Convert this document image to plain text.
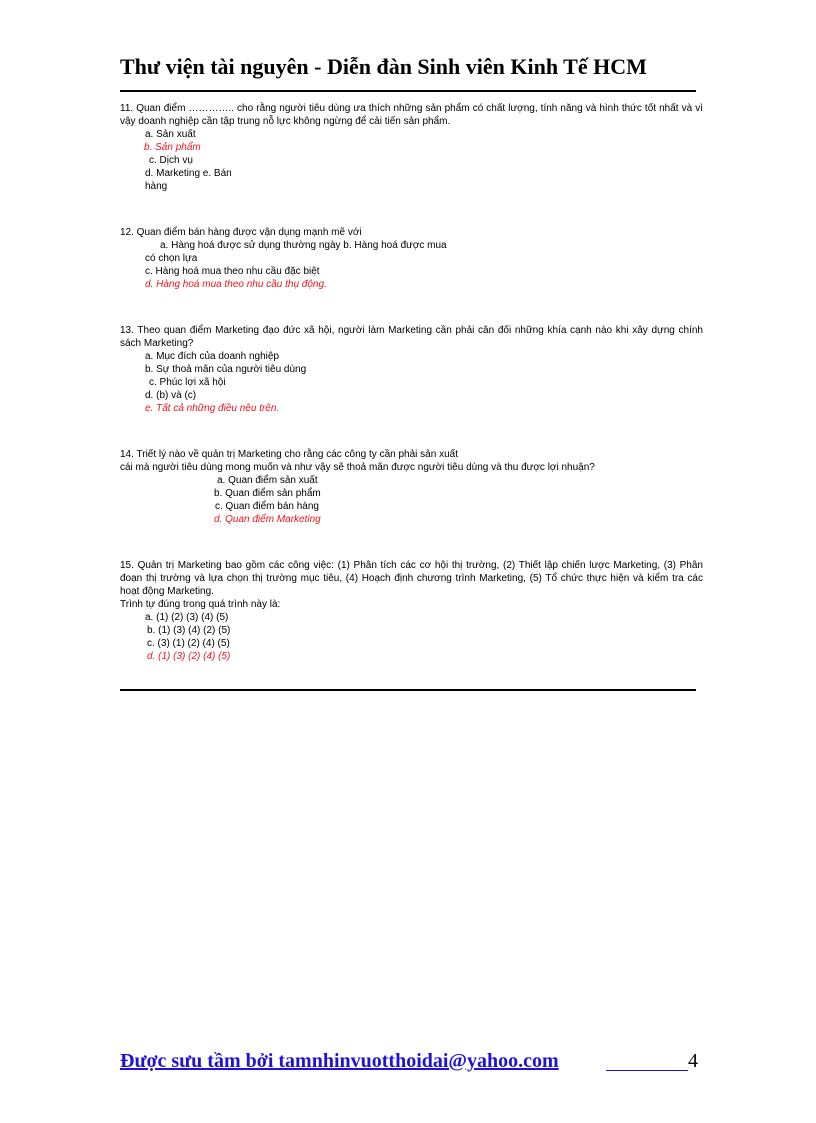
Thư viện tài nguyên - Diễn đàn Sinh viên Kinh Tế HCM
11. Quan điểm ………….. cho rằng người tiêu dùng ưa thích những sản phẩm có chất lượng, tính năng và hình thức tốt nhất và vì vậy doanh nghiệp cần tập trung nỗ lực không ngừng để cải tiến sản phẩm.
a. Sản xuất
b. Sản phẩm
c. Dịch vụ
d. Marketing e. Bán
hàng
12. Quan điểm bán hàng được vận dụng mạnh mẽ với
a. Hàng hoá được sử dụng thường ngày b. Hàng hoá được mua
có chọn lựa
c. Hàng hoá mua theo nhu cầu đặc biệt
d. Hàng hoá mua theo nhu cầu thụ động.
13. Theo quan điểm Marketing đạo đức xã hội, người làm Marketing cần phải cân đối những khía cạnh nào khi xây dựng chính sách Marketing?
a. Mục đích của doanh nghiệp
b. Sự thoả mãn của người tiêu dùng
c. Phúc lợi xã hội
d. (b) và (c)
e. Tất cả những điều nêu trên.
14. Triết lý nào về quản trị Marketing cho rằng các công ty cần phải sản xuất
cái mà người tiêu dùng mong muốn và như vậy sẽ thoả mãn được người tiêu dùng và thu được lợi nhuận?
a. Quan điểm sản xuất
b. Quan điểm sản phẩm
c. Quan điểm bán hàng
d. Quan điểm Marketing
15. Quản trị Marketing bao gồm các công việc: (1) Phân tích các cơ hội thị trường, (2) Thiết lập chiến lược Marketing, (3) Phân đoạn thị trường và lựa chọn thị trường mục tiêu, (4) Hoạch định chương trình Marketing, (5) Tổ chức thực hiện và kiểm tra các hoạt động Marketing.
Trình tự đúng trong quá trình này là:
a. (1) (2) (3) (4) (5)
b. (1) (3) (4) (2) (5)
c. (3) (1) (2) (4) (5)
d. (1) (3) (2) (4) (5)
Được sưu tầm bởi tamnhinvuotthoidai@yahoo.com	4
